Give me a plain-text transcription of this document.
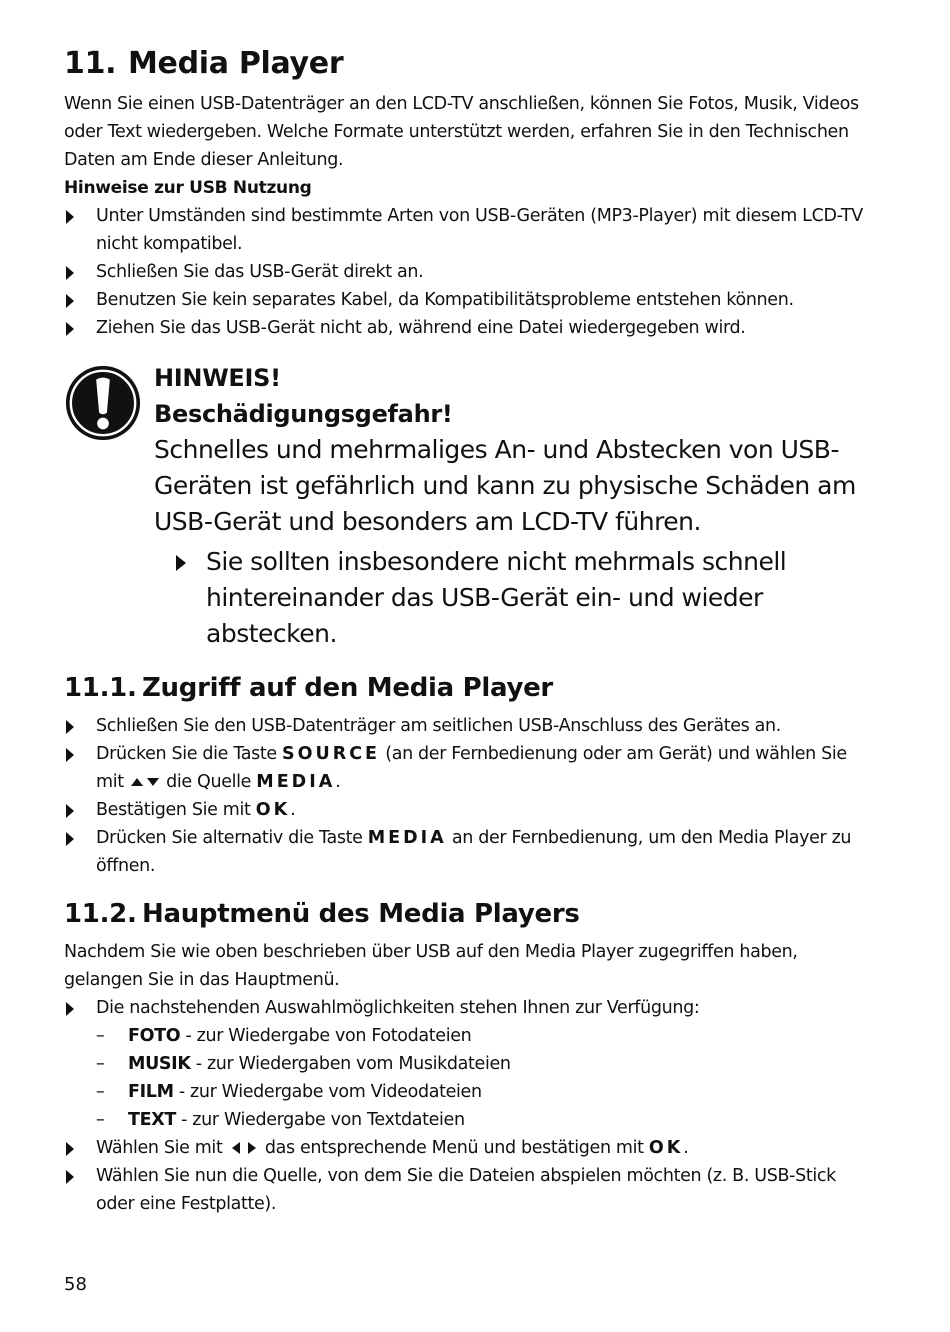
11. Media Player

Wenn Sie einen USB-Datenträger an den LCD-TV anschließen, können Sie Fotos, Musik, Videos oder Text wiedergeben. Welche Formate unterstützt werden, erfahren Sie in den Technischen Daten am Ende dieser Anleitung.

Hinweise zur USB Nutzung
Unter Umständen sind bestimmte Arten von USB-Geräten (MP3-Player) mit diesem LCD-TV nicht kompatibel.
Schließen Sie das USB-Gerät direkt an.
Benutzen Sie kein separates Kabel, da Kompatibilitätsprobleme entstehen können.
Ziehen Sie das USB-Gerät nicht ab, während eine Datei wiedergegeben wird.
HINWEIS!
Beschädigungsgefahr!
Schnelles und mehrmaliges An- und Abstecken von USB-Geräten ist gefährlich und kann zu physische Schäden am USB-Gerät und besonders am LCD-TV führen.
Sie sollten insbesondere nicht mehrmals schnell hintereinander das USB-Gerät ein- und wieder abstecken.
11.1. Zugriff auf den Media Player
Schließen Sie den USB-Datenträger am seitlichen USB-Anschluss des Gerätes an.
Drücken Sie die Taste SOURCE (an der Fernbedienung oder am Gerät) und wählen Sie mit  die Quelle MEDIA.
Bestätigen Sie mit OK.
Drücken Sie alternativ die Taste MEDIA an der Fernbedienung, um den Media Player zu öffnen.
11.2. Hauptmenü des Media Players

Nachdem Sie wie oben beschrieben über USB auf den Media Player zugegriffen haben, gelangen Sie in das Hauptmenü.

Die nachstehenden Auswahlmöglichkeiten stehen Ihnen zur Verfügung:
– FOTO - zur Wiedergabe von Fotodateien
– MUSIK - zur Wiedergaben vom Musikdateien
– FILM - zur Wiedergabe vom Videodateien
– TEXT - zur Wiedergabe von Textdateien
Wählen Sie mit  das entsprechende Menü und bestätigen mit OK.
Wählen Sie nun die Quelle, von dem Sie die Dateien abspielen möchten (z. B. USB-Stick oder eine Festplatte).
58
